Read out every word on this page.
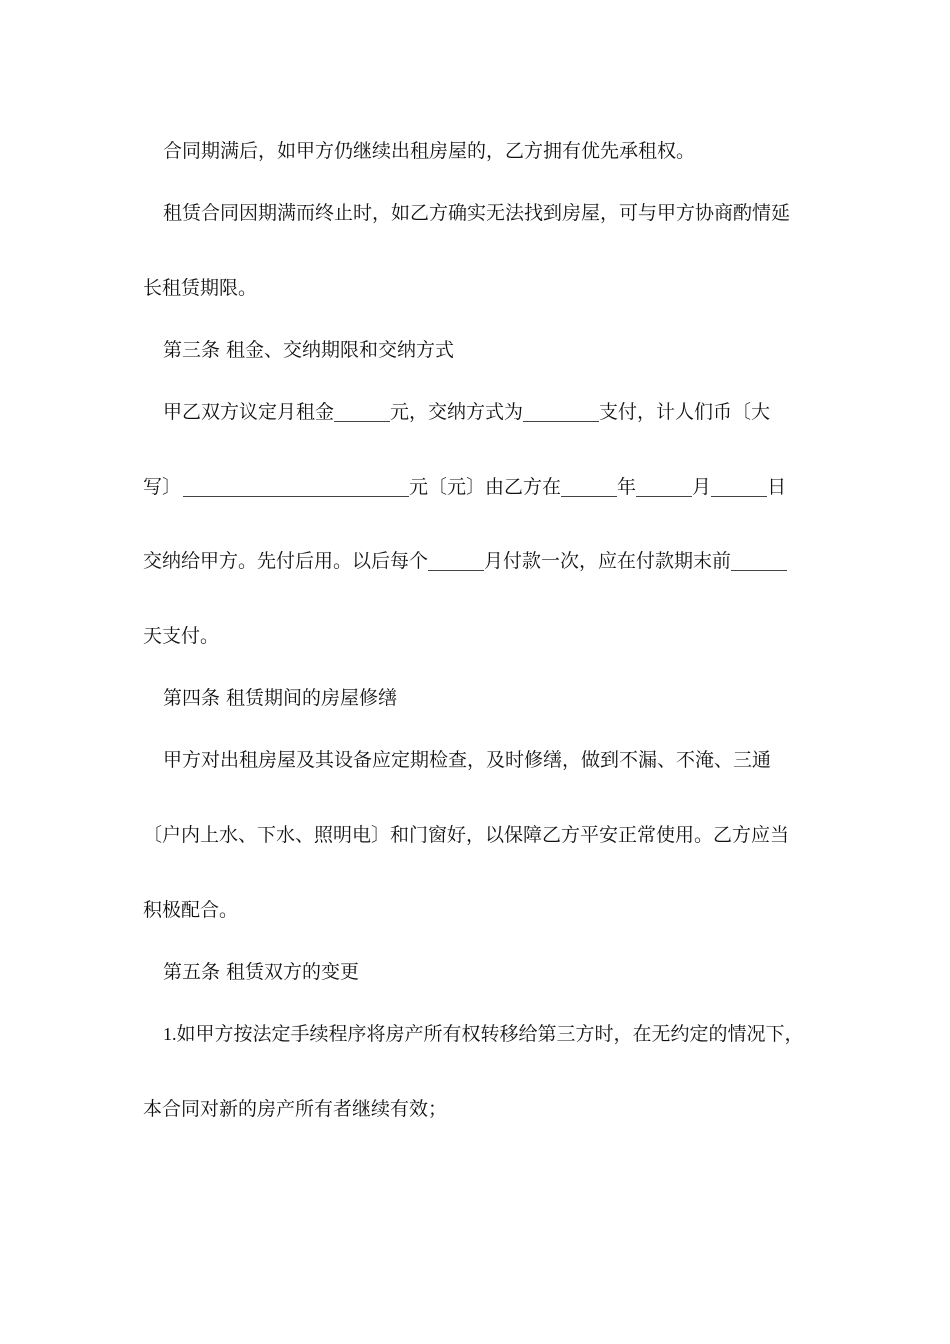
合同期满后，如甲方仍继续出租房屋的，乙方拥有优先承租权。
租赁合同因期满而终止时，如乙方确实无法找到房屋，可与甲方协商酌情延
长租赁期限。
第三条 租金、交纳期限和交纳方式
甲乙双方议定月租金	元，交纳方式为	支付，计人们币〔大
写〕	元〔元〕由乙方在	年	月	日
交纳给甲方。先付后用。以后每个	月付款一次，应在付款期末前
天支付。
第四条 租赁期间的房屋修缮
甲方对出租房屋及其设备应定期检查，及时修缮，做到不漏、不淹、三通
〔户内上水、下水、照明电〕和门窗好，以保障乙方平安正常使用。乙方应当
积极配合。
第五条 租赁双方的变更
1.如甲方按法定手续程序将房产所有权转移给第三方时，在无约定的情况下，
本合同对新的房产所有者继续有效；
